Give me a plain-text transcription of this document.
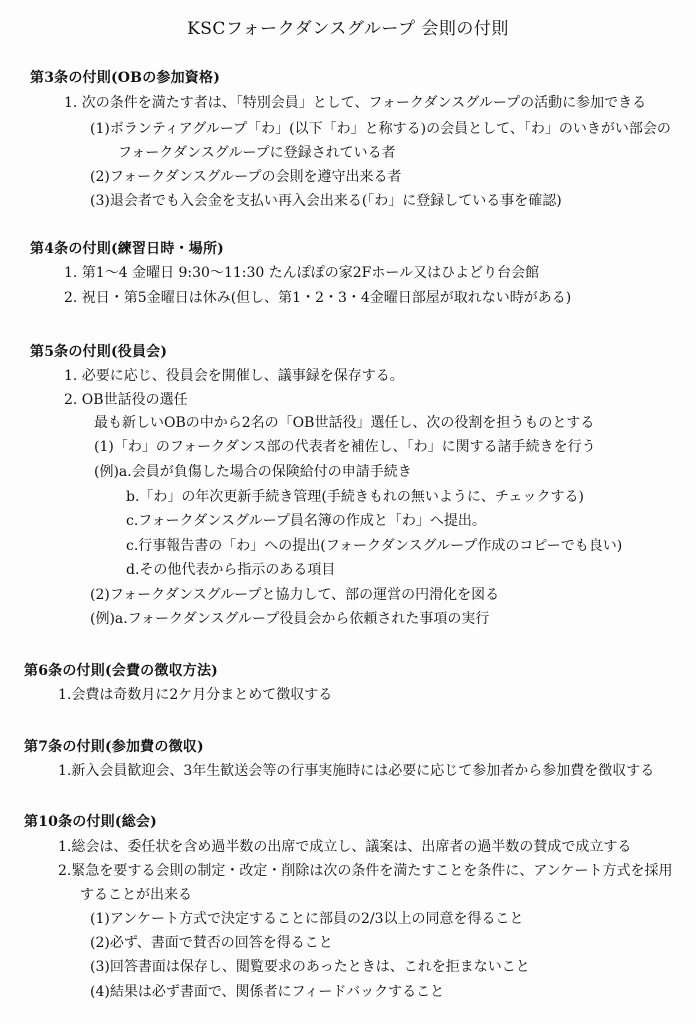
KSCフォークダンスグループ 会則の付則
第3条の付則(OBの参加資格)
1. 次の条件を満たす者は、「特別会員」として、フォークダンスグループの活動に参加できる
(1)ボランティアグループ「わ」(以下「わ」と称する)の会員として、「わ」のいきがい部会の
フォークダンスグループに登録されている者
(2)フォークダンスグループの会則を遵守出来る者
(3)退会者でも入会金を支払い再入会出来る(「わ」に登録している事を確認)
第4条の付則(練習日時・場所)
1. 第1～4 金曜日 9:30～11:30 たんぽぽの家2Fホール又はひよどり台会館
2. 祝日・第5金曜日は休み(但し、第1・2・3・4金曜日部屋が取れない時がある)
第5条の付則(役員会)
1. 必要に応じ、役員会を開催し、議事録を保存する。
2. OB世話役の選任
最も新しいOBの中から2名の「OB世話役」選任し、次の役割を担うものとする
(1)「わ」のフォークダンス部の代表者を補佐し、「わ」に関する諸手続きを行う
(例)a.会員が負傷した場合の保険給付の申請手続き
b.「わ」の年次更新手続き管理(手続きもれの無いように、チェックする)
c.フォークダンスグループ員名簿の作成と「わ」へ提出。
c.行事報告書の「わ」への提出(フォークダンスグループ作成のコピーでも良い)
d.その他代表から指示のある項目
(2)フォークダンスグループと協力して、部の運営の円滑化を図る
(例)a.フォークダンスグループ役員会から依頼された事項の実行
第6条の付則(会費の徴収方法)
1.会費は奇数月に2ケ月分まとめて徴収する
第7条の付則(参加費の徴収)
1.新入会員歓迎会、3年生歓送会等の行事実施時には必要に応じて参加者から参加費を徴収する
第10条の付則(総会)
1.総会は、委任状を含め過半数の出席で成立し、議案は、出席者の過半数の賛成で成立する
2.緊急を要する会則の制定・改定・削除は次の条件を満たすことを条件に、アンケート方式を採用
することが出来る
(1)アンケート方式で決定することに部員の2/3以上の同意を得ること
(2)必ず、書面で賛否の回答を得ること
(3)回答書面は保存し、閲覧要求のあったときは、これを拒まないこと
(4)結果は必ず書面で、関係者にフィードバックすること
